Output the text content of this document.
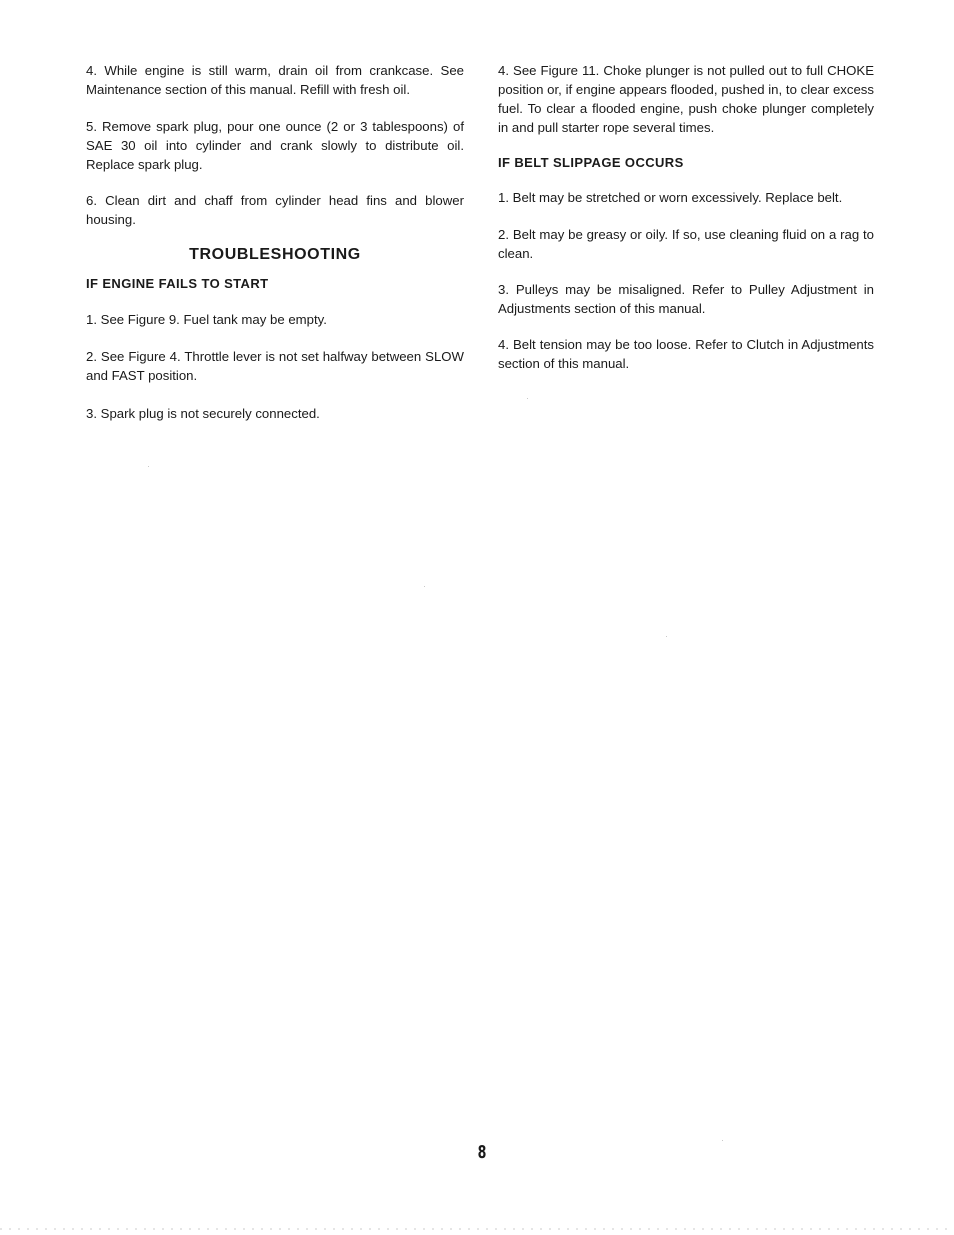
4. While engine is still warm, drain oil from crankcase. See Maintenance section of this manual. Refill with fresh oil.

5. Remove spark plug, pour one ounce (2 or 3 tablespoons) of SAE 30 oil into cylinder and crank slowly to distribute oil. Replace spark plug.

6. Clean dirt and chaff from cylinder head fins and blower housing.

TROUBLESHOOTING
IF ENGINE FAILS TO START

1. See Figure 9. Fuel tank may be empty.

2. See Figure 4. Throttle lever is not set halfway between SLOW and FAST position.

3. Spark plug is not securely connected.

4. See Figure 11. Choke plunger is not pulled out to full CHOKE position or, if engine appears flooded, pushed in, to clear excess fuel. To clear a flooded engine, push choke plunger completely in and pull starter rope several times.

IF BELT SLIPPAGE OCCURS

1. Belt may be stretched or worn excessively. Replace belt.

2. Belt may be greasy or oily. If so, use cleaning fluid on a rag to clean.

3. Pulleys may be misaligned. Refer to Pulley Adjustment in Adjustments section of this manual.

4. Belt tension may be too loose. Refer to Clutch in Adjustments section of this manual.

8
